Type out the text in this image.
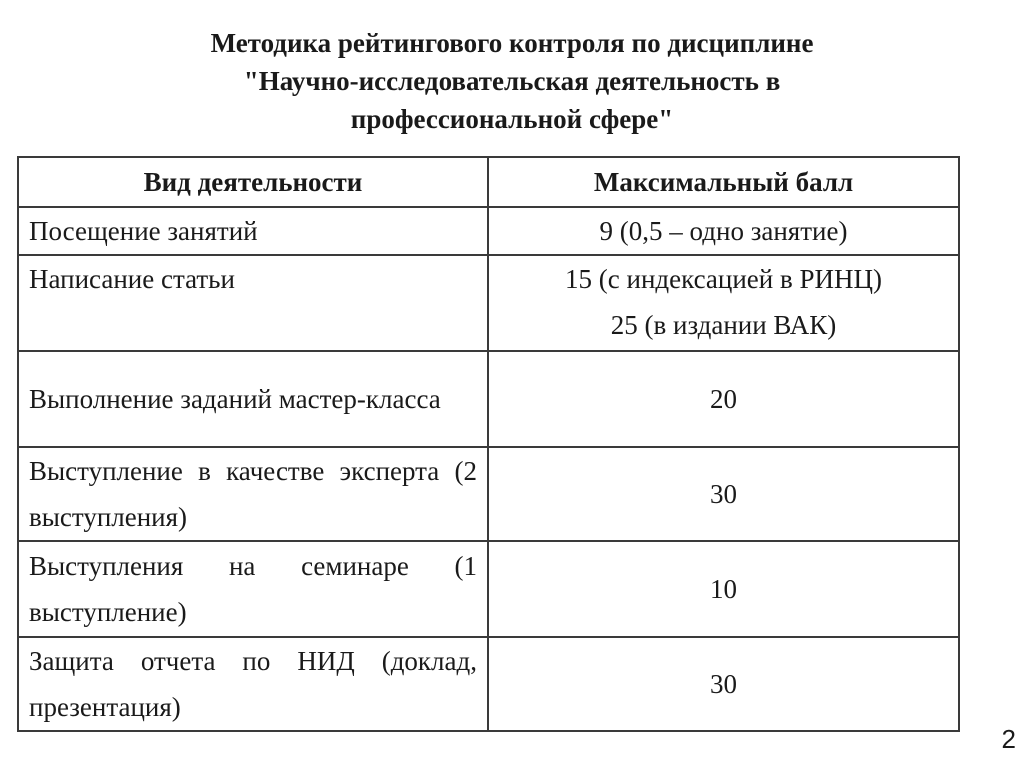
Методика рейтингового контроля по дисциплине
"Научно-исследовательская деятельность в
профессиональной сфере"
Вид деятельности	Максимальный балл
Посещение занятий	9 (0,5 – одно занятие)

Написание статьи	15 (с индексацией в РИНЦ)
25 (в издании ВАК)

Выполнение заданий мастер-класса	20

Выступление в качестве эксперта (2 выступления)	30

Выступления на семинаре (1 выступление)	10

Защита отчета по НИД (доклад, презентация)	30
2
